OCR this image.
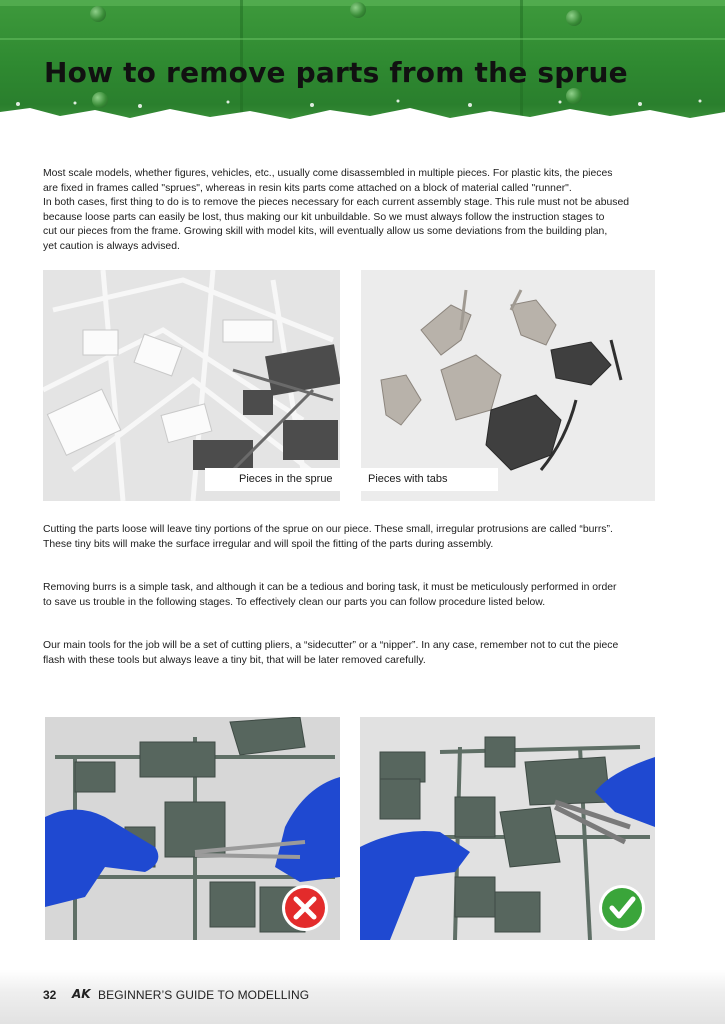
How to remove parts from the sprue

Most scale models, whether figures, vehicles, etc., usually come disassembled in multiple pieces. For plastic kits, the pieces
are fixed in frames called "sprues", whereas in resin kits parts come attached on a block of material called "runner".
In both cases, first thing to do is to remove the pieces necessary for each current assembly stage. This rule must not be abused
because loose parts can easily be lost, thus making our kit unbuildable. So we must always follow the instruction stages to
cut our pieces from the frame. Growing skill with model kits, will eventually allow us some deviations from the building plan,
yet caution is always advised.

Pieces in the sprue	Pieces with tabs

Cutting the parts loose will leave tiny portions of the sprue on our piece. These small, irregular protrusions are called “burrs”.
These tiny bits will make the surface irregular and will spoil the fitting of the parts during assembly.

Removing burrs is a simple task, and although it can be a tedious and boring task, it must be meticulously performed in order
to save us trouble in the following stages. To effectively clean our parts you can follow procedure listed below.

Our main tools for the job will be a set of cutting pliers, a “sidecutter” or a “nipper”. In any case, remember not to cut the piece
flash with these tools but always leave a tiny bit, that will be later removed carefully.

32 AK BEGINNER’S GUIDE TO MODELLING
